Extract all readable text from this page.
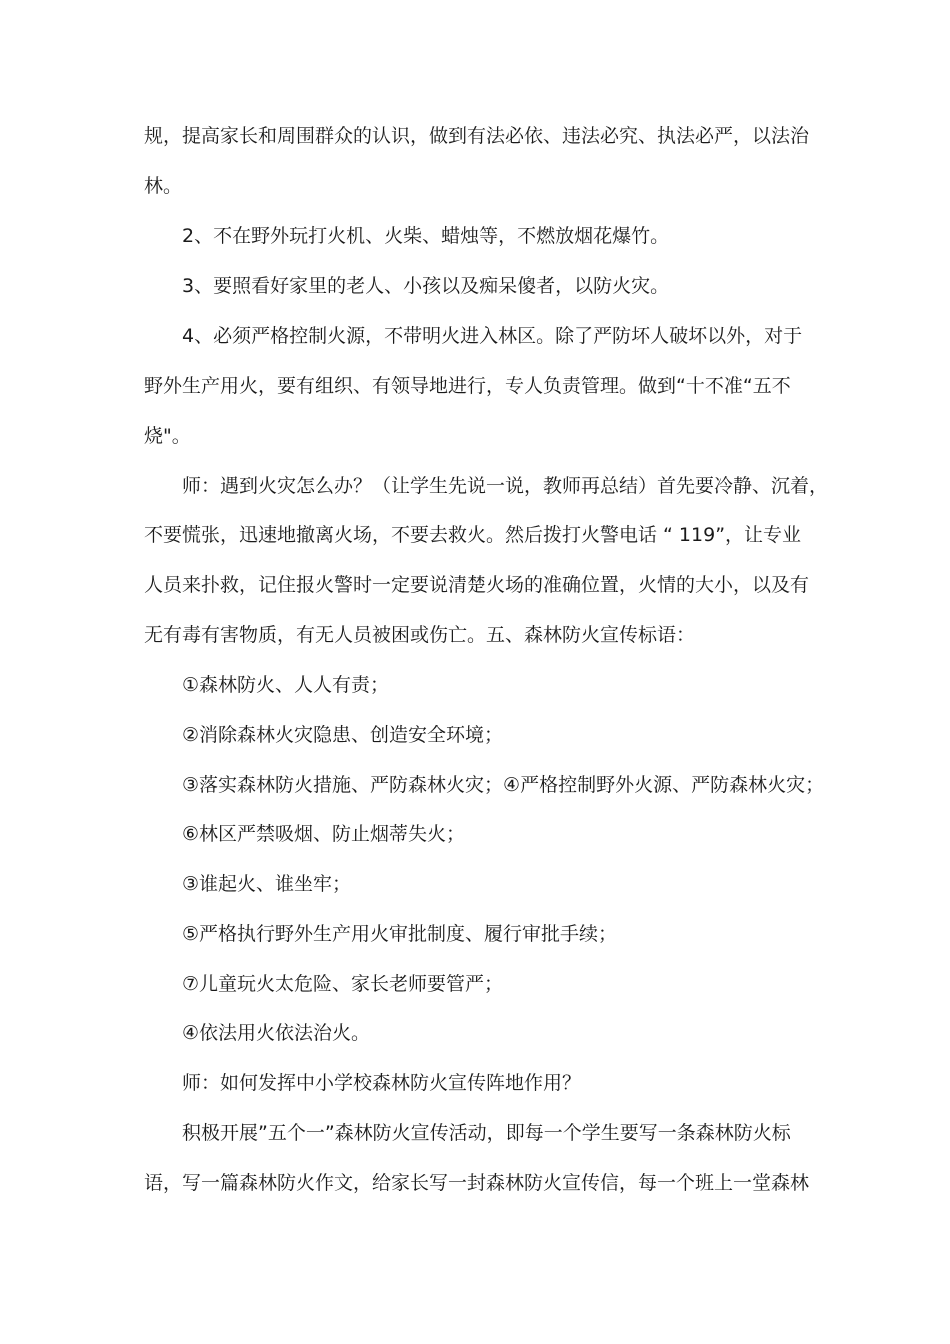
规，提高家长和周围群众的认识，做到有法必依、违法必究、执法必严，以法治
林。
2、不在野外玩打火机、火柴、蜡烛等，不燃放烟花爆竹。
3、要照看好家里的老人、小孩以及痴呆傻者，以防火灾。
4、必须严格控制火源，不带明火进入林区。除了严防坏人破坏以外，对于
野外生产用火，要有组织、有领导地进行，专人负责管理。做到“十不准“五不
烧"。
师：遇到火灾怎么办？（让学生先说一说，教师再总结）首先要冷静、沉着，
不要慌张，迅速地撤离火场，不要去救火。然后拨打火警电话 “ 119”，让专业
人员来扑救，记住报火警时一定要说清楚火场的准确位置，火情的大小，以及有
无有毒有害物质，有无人员被困或伤亡。五、森林防火宣传标语：
①森林防火、人人有责；
②消除森林火灾隐患、创造安全环境；
③落实森林防火措施、严防森林火灾；④严格控制野外火源、严防森林火灾；
⑥林区严禁吸烟、防止烟蒂失火；
③谁起火、谁坐牢；
⑤严格执行野外生产用火审批制度、履行审批手续；
⑦儿童玩火太危险、家长老师要管严；
④依法用火依法治火。
师：如何发挥中小学校森林防火宣传阵地作用？
积极开展”五个一”森林防火宣传活动，即每一个学生要写一条森林防火标
语，写一篇森林防火作文，给家长写一封森林防火宣传信，每一个班上一堂森林
